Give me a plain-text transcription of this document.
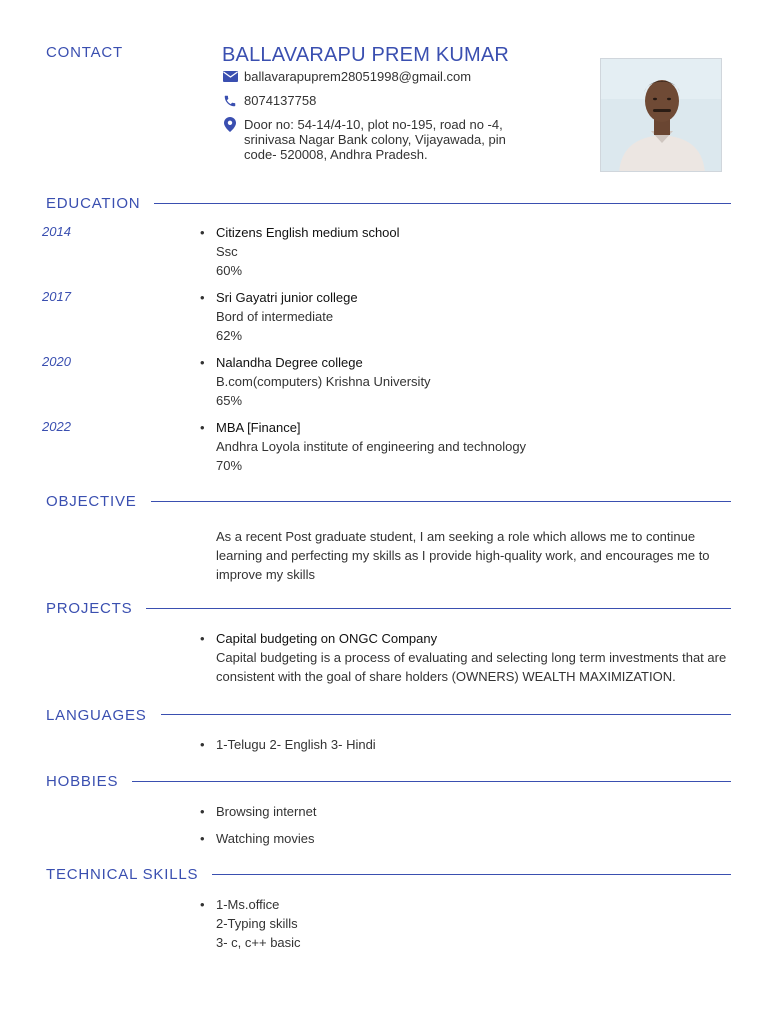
CONTACT	BALLAVARAPU PREM KUMAR
ballavarapuprem28051998@gmail.com
8074137758
Door no: 54-14/4-10, plot no-195, road no -4, srinivasa Nagar Bank colony, Vijayawada, pin code- 520008, Andhra Pradesh.
EDUCATION
2014	• Citizens English medium school
Ssc
60%
2017	• Sri Gayatri junior college
Bord of intermediate
62%
2020	• Nalandha Degree college
B.com(computers) Krishna University
65%
2022	• MBA [Finance]
Andhra Loyola institute of engineering and technology
70%
OBJECTIVE
As a recent Post graduate student, I am seeking a role which allows me to continue learning and perfecting my skills as I provide high-quality work, and encourages me to improve my skills
PROJECTS
• Capital budgeting on ONGC Company
Capital budgeting is a process of evaluating and selecting long term investments that are consistent with the goal of share holders (OWNERS) WEALTH MAXIMIZATION.
LANGUAGES
• 1-Telugu 2- English 3- Hindi
HOBBIES
• Browsing internet
• Watching movies
TECHNICAL SKILLS
• 1-Ms.office
2-Typing skills
3- c, c++ basic
